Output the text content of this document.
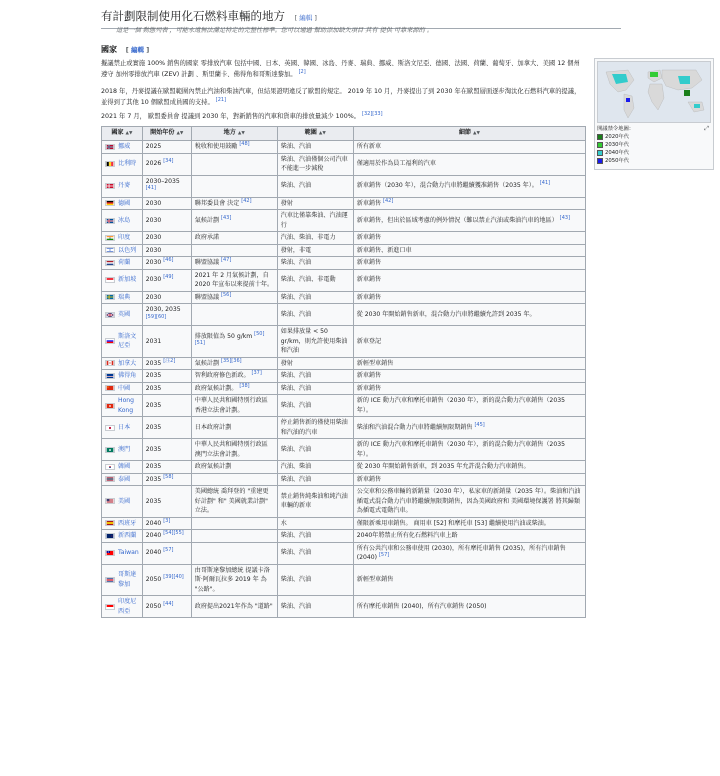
有計劃限制使用化石燃料車輛的地方 [ 編輯 ]
這是一個 動態列表 ，可能永遠無法滿足特定的完整性標準。您可以通過 幫助添加缺失項目 其有 提供 可靠來源的 。
國家 [ 編輯 ]
擬議禁止或實施 100% 銷售的國家 零排放汽車 包括中國、日本、英國、韓國、冰島、丹麥、瑞典、挪威、斯洛文尼亞、德國、法國、荷蘭、葡萄牙、加拿大、美國 12 個州遵守 加州零排放汽車 (ZEV) 計劃 、斯里蘭卡、佛得角和哥斯達黎加。 [2]
2018 年，丹麥提議在歐盟範圍內禁止汽油和柴油汽車，但結果證明違反了歐盟的規定。 2019 年 10 月，丹麥提出了到 2030 年在歐盟層面逐步淘汰化石燃料汽車的提議，並得到了其他 10 個歐盟成員國的支持。 [21]
2021 年 7 月， 歐盟委員會 提議到 2030 年，對新銷售的汽車和貨車的排放量減少 100%。 [32][33]
⤢
開議禁令地圖：
2020年代
2030年代
2040年代
2050年代
國家 ▲▼	開始年份 ▲▼	地方 ▲▼	範圍 ▲▼	細節 ▲▼

挪威	2025	稅收和使用鼓勵 [48]	柴油、汽油	所有新車

比利時	2026 [34]		柴油、汽油僅個公司汽車不能進一步減稅	僅適用於作為員工福利的汽車

丹麥	2030–2035 [41]		柴油、汽油	新車銷售（2030 年），混合動力汽車將繼續獲准銷售（2035 年）。 [41]

德國	2030	聯邦委員會 決定 [42]	發射	新車銷售 [42]

冰島	2030	氣候計劃 [43]	汽車比僅靠柴油、汽油運行	新車銷售，但出於區域考慮的例外情況（難以禁止汽油或柴油汽車的地區） [43]

印度	2030	政府承諾	汽油、柴油、非電力	新車銷售

以色列	2030		發射，非電	新車銷售、新進口車

荷蘭	2030 [46]	聯盟協議 [47]	柴油、汽油	新車銷售

新加坡	2030 [49]	2021 年 2 月氣候計劃，自 2020 年宣布以來提前十年。	柴油、汽油、非電動	新車銷售

瑞典	2030	聯盟協議 [56]	柴油、汽油	新車銷售

英國	2030, 2035 [59][60]		柴油、汽油	從 2030 年開始銷售新車，混合動力汽車將繼續允許到 2035 年。

斯洛文尼亞	2031	排放限值為 50 g/km [50][51]	如果排放量 < 50 gr/km，則允許使用柴油和汽油	新車登記

加拿大	2035 [注2]	氣候計劃 [35][36]	發射	新輕型車銷售

佛得角	2035	智利政府修色新政。 [37]	柴油、汽油	新車銷售

中國	2035	政府氣候計劃。 [38]	柴油、汽油	新車銷售

Hong Kong	2035	中華人民共和國特別行政區香港立法會計劃。	柴油、汽油	新的 ICE 動力汽車和摩托車銷售（2030 年），新的混合動力汽車銷售（2035 年）。

日本	2035	日本政府計劃	停止銷售新的僅使用柴油和汽油的汽車	柴油和汽油混合動力汽車將繼續無限期銷售 [45]

澳門	2035	中華人民共和國特別行政區澳門立法會計劃。	柴油、汽油	新的 ICE 動力汽車和摩托車銷售（2030 年），新的混合動力汽車銷售（2035 年）。

韓國	2035	政府氣候計劃	汽油、柴油	從 2030 年開始銷售新車，到 2035 年允許混合動力汽車銷售。

泰國	2035 [58]		柴油、汽油	新車銷售

美國	2035	美國總統 喬拜登的 "重建更好計劃" 和" 美國就業計劃" 立法。	禁止銷售純柴油和純汽油車輛的新車	公交車和公務車輛的新銷量（2030 年），私家車的新銷量（2035 年）。柴油和汽油插電式混合動力汽車將繼續無限期銷售，因為美國政府和 美國環境保護署 將其歸類為插電式電動汽車。

西班牙	2040 [3]		水	僅限新乘用車銷售。 商用車 [52] 和摩托車 [53] 繼續使用汽油或柴油。

新西蘭	2040 [54][55]		柴油、汽油	2040年將禁止所有化石燃料汽車上路

Taiwan	2040 [57]		柴油、汽油	所有公共汽車和公務車使用 (2030)，所有摩托車銷售 (2035)，所有汽車銷售 (2040) [57]

哥斯達黎加	2050 [39][40]	由哥斯達黎加總統 提議卡洛斯·阿爾瓦拉多 2019 年 為 "公路"。	柴油、汽油	新輕型車銷售

印度尼西亞	2050 [44]	政府提出2021年作為 "道路"	柴油、汽油	所有摩托車銷售 (2040)，所有汽車銷售 (2050)
